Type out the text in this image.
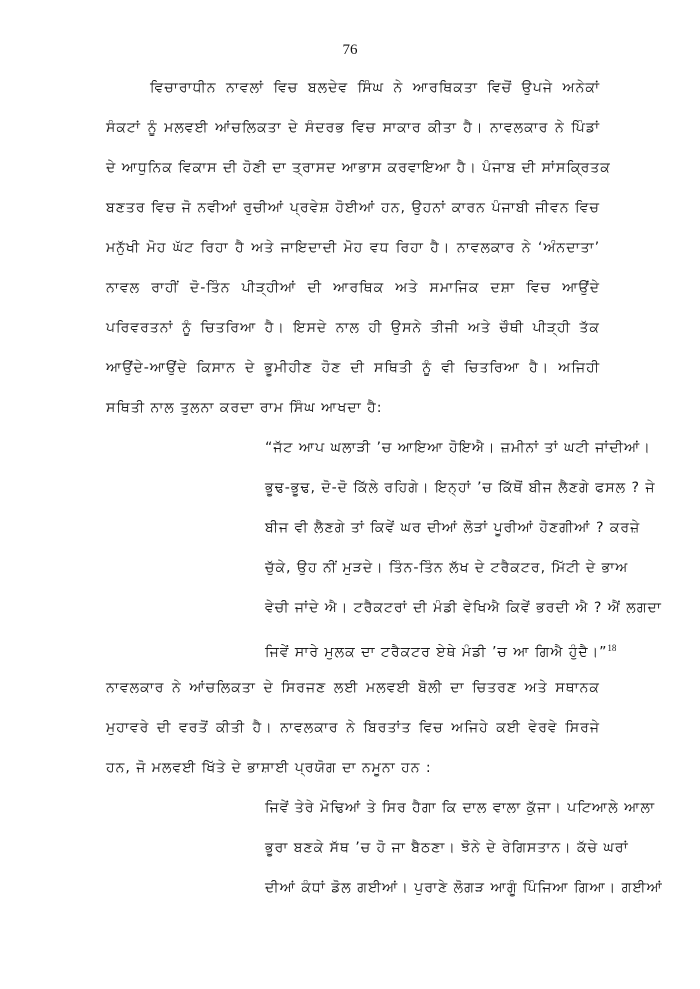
76
ਵਿਚਾਰਾਧੀਨ ਨਾਵਲਾਂ ਵਿਚ ਬਲਦੇਵ ਸਿੰਘ ਨੇ ਆਰਥਿਕਤਾ ਵਿਚੋਂ ਉਪਜੇ ਅਨੇਕਾਂ
ਸੰਕਟਾਂ ਨੂੰ ਮਲਵਈ ਆਂਚਲਿਕਤਾ ਦੇ ਸੰਦਰਭ ਵਿਚ ਸਾਕਾਰ ਕੀਤਾ ਹੈ। ਨਾਵਲਕਾਰ ਨੇ ਪਿੰਡਾਂ
ਦੇ ਆਧੁਨਿਕ ਵਿਕਾਸ ਦੀ ਹੋਣੀ ਦਾ ਤ੍ਰਾਸਦ ਆਭਾਸ ਕਰਵਾਇਆ ਹੈ। ਪੰਜਾਬ ਦੀ ਸਾਂਸਕ੍ਰਿਤਕ
ਬਣਤਰ ਵਿਚ ਜੋ ਨਵੀਆਂ ਰੁਚੀਆਂ ਪ੍ਰਵੇਸ਼ ਹੋਈਆਂ ਹਨ, ਉਹਨਾਂ ਕਾਰਨ ਪੰਜਾਬੀ ਜੀਵਨ ਵਿਚ
ਮਨੁੱਖੀ ਮੋਹ ਘੱਟ ਰਿਹਾ ਹੈ ਅਤੇ ਜਾਇਦਾਦੀ ਮੋਹ ਵਧ ਰਿਹਾ ਹੈ। ਨਾਵਲਕਾਰ ਨੇ ‘ਅੰਨਦਾਤਾ’
ਨਾਵਲ ਰਾਹੀਂ ਦੋ-ਤਿੰਨ ਪੀੜ੍ਹੀਆਂ ਦੀ ਆਰਥਿਕ ਅਤੇ ਸਮਾਜਿਕ ਦਸ਼ਾ ਵਿਚ ਆਉਂਦੇ
ਪਰਿਵਰਤਨਾਂ ਨੂੰ ਚਿਤਰਿਆ ਹੈ। ਇਸਦੇ ਨਾਲ ਹੀ ਉਸਨੇ ਤੀਜੀ ਅਤੇ ਚੌਥੀ ਪੀੜ੍ਹੀ ਤੱਕ
ਆਉਂਦੇ-ਆਉਂਦੇ ਕਿਸਾਨ ਦੇ ਭੂਮੀਹੀਣ ਹੋਣ ਦੀ ਸਥਿਤੀ ਨੂੰ ਵੀ ਚਿਤਰਿਆ ਹੈ। ਅਜਿਹੀ
ਸਥਿਤੀ ਨਾਲ ਤੁਲਨਾ ਕਰਦਾ ਰਾਮ ਸਿੰਘ ਆਖਦਾ ਹੈ:
“ਜੱਟ ਆਪ ਘਲਾੜੀ ’ਚ ਆਇਆ ਹੋਇਐ। ਜ਼ਮੀਨਾਂ ਤਾਂ ਘਟੀ ਜਾਂਦੀਆਂ।
ਭੂਢ-ਭੂਢ, ਦੋ-ਦੋ ਕਿੱਲੇ ਰਹਿਗੇ। ਇਨ੍ਹਾਂ ’ਚ ਕਿੱਥੋਂ ਬੀਜ ਲੈਣਗੇ ਫਸਲ ? ਜੇ
ਬੀਜ ਵੀ ਲੈਣਗੇ ਤਾਂ ਕਿਵੇਂ ਘਰ ਦੀਆਂ ਲੋੜਾਂ ਪੂਰੀਆਂ ਹੋਣਗੀਆਂ ? ਕਰਜ਼ੇ
ਚੁੱਕੇ, ਉਹ ਨੀਂ ਮੁੜਦੇ। ਤਿੰਨ-ਤਿੰਨ ਲੱਖ ਦੇ ਟਰੈਕਟਰ, ਮਿੱਟੀ ਦੇ ਭਾਅ
ਵੇਚੀ ਜਾਂਦੇ ਐ। ਟਰੈਕਟਰਾਂ ਦੀ ਮੰਡੀ ਵੇਖਿਐ ਕਿਵੇਂ ਭਰਦੀ ਐ ? ਐਂ ਲਗਦਾ
ਜਿਵੇਂ ਸਾਰੇ ਮੁਲਕ ਦਾ ਟਰੈਕਟਰ ਏਥੇ ਮੰਡੀ ’ਚ ਆ ਗਿਐ ਹੁੰਦੈ।”$^{18}$
ਨਾਵਲਕਾਰ ਨੇ ਆਂਚਲਿਕਤਾ ਦੇ ਸਿਰਜਣ ਲਈ ਮਲਵਈ ਬੋਲੀ ਦਾ ਚਿਤਰਣ ਅਤੇ ਸਥਾਨਕ
ਮੁਹਾਵਰੇ ਦੀ ਵਰਤੋਂ ਕੀਤੀ ਹੈ। ਨਾਵਲਕਾਰ ਨੇ ਬਿਰਤਾਂਤ ਵਿਚ ਅਜਿਹੇ ਕਈ ਵੇਰਵੇ ਸਿਰਜੇ
ਹਨ, ਜੋ ਮਲਵਈ ਖਿੱਤੇ ਦੇ ਭਾਸ਼ਾਈ ਪ੍ਰਯੋਗ ਦਾ ਨਮੂਨਾ ਹਨ :
ਜਿਵੇਂ ਤੇਰੇ ਮੋਢਿਆਂ ਤੇ ਸਿਰ ਹੈਗਾ ਕਿ ਦਾਲ ਵਾਲਾ ਕੁੱਜਾ। ਪਟਿਆਲੇ ਆਲਾ
ਭੂਰਾ ਬਣਕੇ ਸੱਥ ’ਚ ਹੋ ਜਾ ਬੈਠਣਾ। ਝੋਨੇ ਦੇ ਰੇਗਿਸਤਾਨ। ਕੱਚੇ ਘਰਾਂ
ਦੀਆਂ ਕੰਧਾਂ ਡੋਲ ਗਈਆਂ। ਪੁਰਾਣੇ ਲੋਗੜ ਆਗੂੰ ਪਿੰਜਿਆ ਗਿਆ। ਗਈਆਂ
